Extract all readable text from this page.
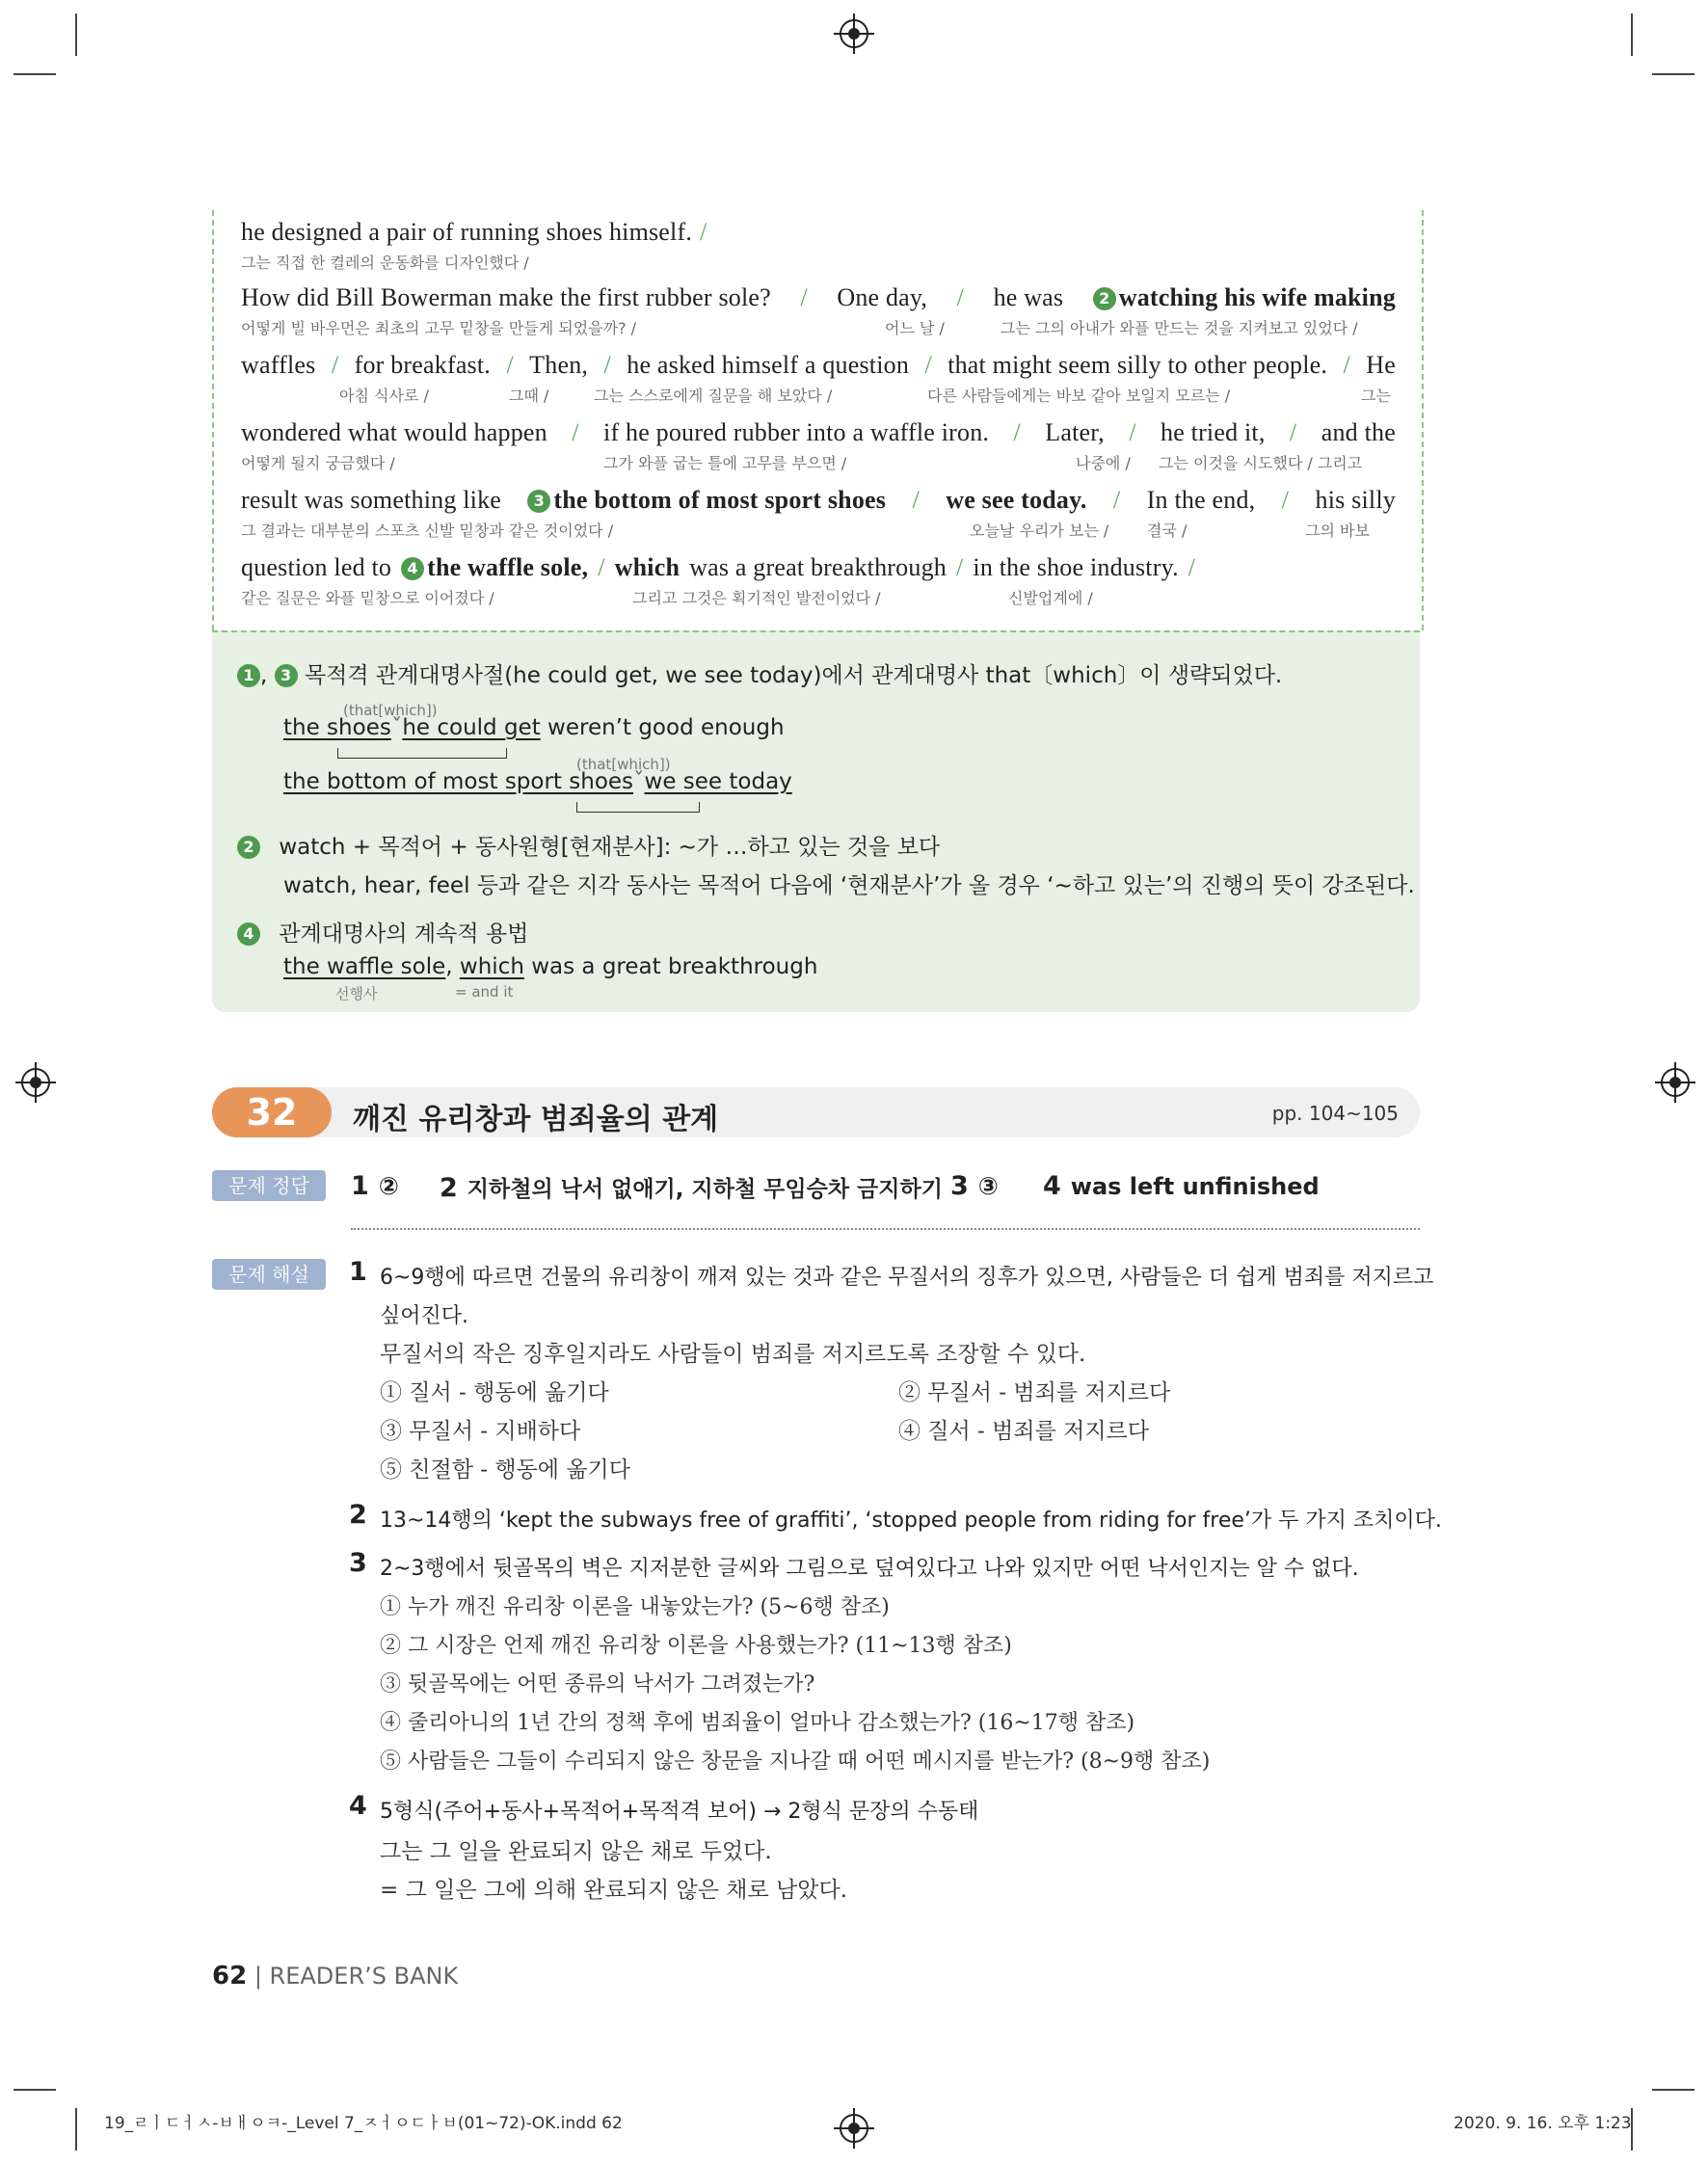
he designed a pair of running shoes himself. /
그는 직접 한 켤레의 운동화를 디자인했다 /
How did Bill Bowerman make the first rubber sole? / One day, / he was	2 watching his wife making
어떻게 빌 바우먼은 최초의 고무 밑창을 만들게 되었을까? /	어느 날 /	그는 그의 아내가 와플 만드는 것을 지켜보고 있었다 /
waffles / for breakfast. / Then, / he asked himself a question / that might seem silly to other people. / He
아침 식사로 /	그때 /	그는 스스로에게 질문을 해 보았다 /	다른 사람들에게는 바보 같아 보일지 모르는 /	그는
wondered what would happen / if he poured rubber into a waffle iron. / Later, / he tried it, / and the
어떻게 될지 궁금했다 /	그가 와플 굽는 틀에 고무를 부으면 /	나중에 / 그는 이것을 시도했다 / 그리고
result was something like	3 the bottom of most sport shoes / we see today. / In the end, / his silly
그 결과는 대부분의 스포츠 신발 밑창과 같은 것이었다 /	오늘날 우리가 보는 / 결국 /	그의 바보
question led to	4 the waffle sole, / which was a great breakthrough / in the shoe industry. /
같은 질문은 와플 밑창으로 이어졌다 /	그리고 그것은 획기적인 발전이었다 /	신발업계에 /
1 , 3 목적격 관계대명사절(he could get, we see today)에서 관계대명사 that〔which〕이 생략되었다.
(that[which])
the shoesˇhe could get weren’t good enough
(that[which])
the bottom of most sport shoesˇwe see today
2 watch + 목적어 + 동사원형[현재분사]: ~가 …하고 있는 것을 보다
watch, hear, feel 등과 같은 지각 동사는 목적어 다음에 ‘현재분사’가 올 경우 ‘~하고 있는’의 진행의 뜻이 강조된다.
4 관계대명사의 계속적 용법
the waffle sole, which was a great breakthrough
선행사	= and it
32	깨진 유리창과 범죄율의 관계	pp. 104~105
문제 정답	1 ② 2 지하철의 낙서 없애기, 지하철 무임승차 금지하기 3 ③ 4 was left unfinished
문제 해설	1 6~9행에 따르면 건물의 유리창이 깨져 있는 것과 같은 무질서의 징후가 있으면, 사람들은 더 쉽게 범죄를 저지르고
싶어진다.
무질서의 작은 징후일지라도 사람들이 범죄를 저지르도록 조장할 수 있다.
① 질서 - 행동에 옮기다	② 무질서 - 범죄를 저지르다
③ 무질서 - 지배하다	④ 질서 - 범죄를 저지르다
⑤ 친절함 - 행동에 옮기다
2 13~14행의 ‘kept the subways free of graffiti’, ‘stopped people from riding for free’가 두 가지 조치이다.
3 2~3행에서 뒷골목의 벽은 지저분한 글씨와 그림으로 덮여있다고 나와 있지만 어떤 낙서인지는 알 수 없다.
① 누가 깨진 유리창 이론을 내놓았는가? (5~6행 참조)
② 그 시장은 언제 깨진 유리창 이론을 사용했는가? (11~13행 참조)
③ 뒷골목에는 어떤 종류의 낙서가 그려졌는가?
④ 줄리아니의 1년 간의 정책 후에 범죄율이 얼마나 감소했는가? (16~17행 참조)
⑤ 사람들은 그들이 수리되지 않은 창문을 지나갈 때 어떤 메시지를 받는가? (8~9행 참조)
4 5형식(주어+동사+목적어+목적격 보어) → 2형식 문장의 수동태
그는 그 일을 완료되지 않은 채로 두었다.
= 그 일은 그에 의해 완료되지 않은 채로 남았다.
62 | READER’S BANK
19_ㄹㅣㄷㅓㅅ-ㅂㅐㅇㅋ-_Level 7_ㅈㅓㅇㄷㅏㅂ(01~72)-OK.indd 62	2020. 9. 16. 오후 1:23
